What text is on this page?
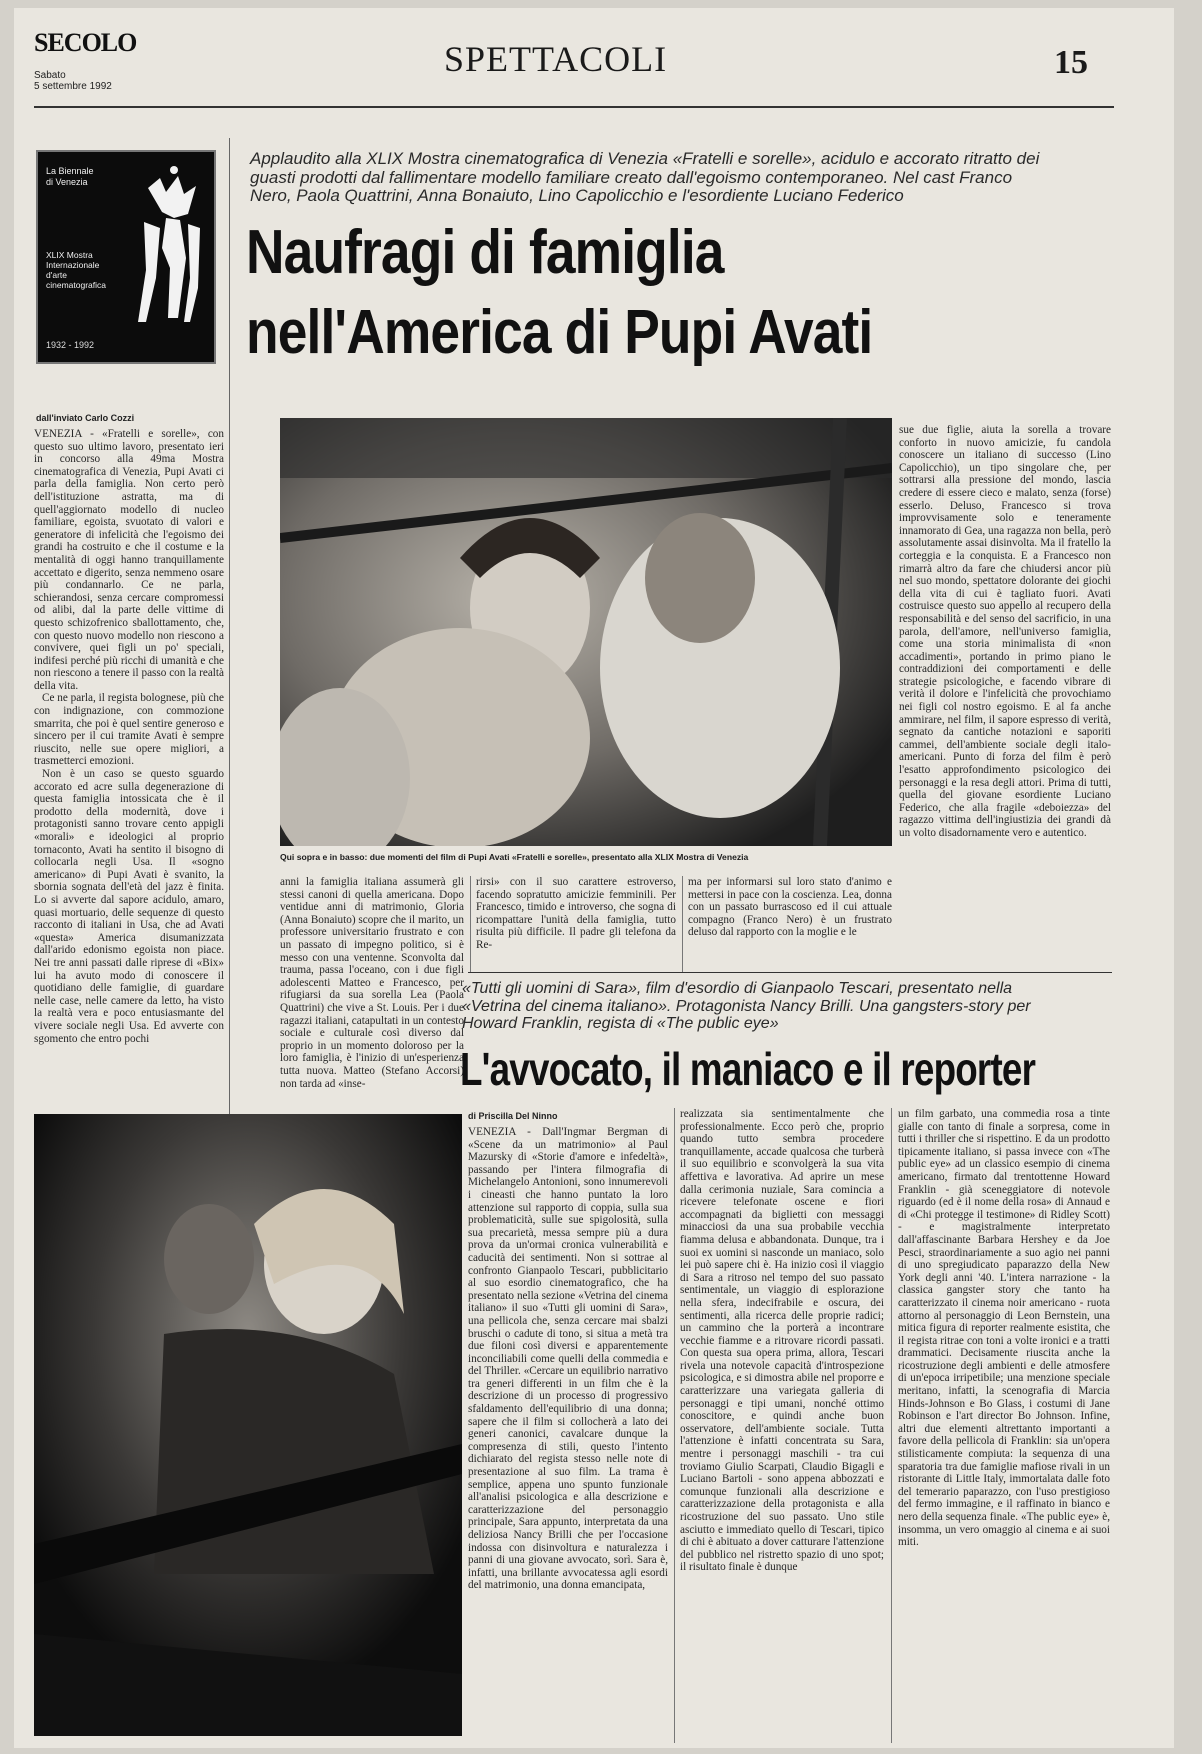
SECOLO
Sabato
5 settembre 1992
SPETTACOLI	15
La Biennale
di Venezia
XLIX Mostra
Internazionale
d'arte
cinematografica
1932 - 1992
Applaudito alla XLIX Mostra cinematografica di Venezia «Fratelli e sorelle», acidulo e accorato ritratto dei guasti prodotti dal fallimentare modello familiare creato dall'egoismo contemporaneo. Nel cast Franco Nero, Paola Quattrini, Anna Bonaiuto, Lino Capolicchio e l'esordiente Luciano Federico
Naufragi di famiglia
nell'America di Pupi Avati
dall'inviato Carlo Cozzi

VENEZIA - «Fratelli e sorelle», con questo suo ultimo lavoro, presentato ieri in concorso alla 49ma Mostra cinematografica di Venezia, Pupi Avati ci parla della famiglia. Non certo però dell'istituzione astratta, ma di quell'aggiornato modello di nucleo familiare, egoista, svuotato di valori e generatore di infelicità che l'egoismo dei grandi ha costruito e che il costume e la mentalità di oggi hanno tranquillamente accettato e digerito, senza nemmeno osare più condannarlo. Ce ne parla, schierandosi, senza cercare compromessi od alibi, dal la parte delle vittime di questo schizofrenico sballottamento, che, con questo nuovo modello non riescono a convivere, quei figli un po' speciali, indifesi perché più ricchi di umanità e che non riescono a tenere il passo con la realtà della vita.

Ce ne parla, il regista bolognese, più che con indignazione, con commozione smarrita, che poi è quel sentire generoso e sincero per il cui tramite Avati è sempre riuscito, nelle sue opere migliori, a trasmetterci emozioni.

Non è un caso se questo sguardo accorato ed acre sulla degenerazione di questa famiglia intossicata che è il prodotto della modernità, dove i protagonisti sanno trovare cento appigli «morali» e ideologici al proprio tornaconto, Avati ha sentito il bisogno di collocarla negli Usa. Il «sogno americano» di Pupi Avati è svanito, la sbornia sognata dell'età del jazz è finita. Lo si avverte dal sapore acidulo, amaro, quasi mortuario, delle sequenze di questo racconto di italiani in Usa, che ad Avati «questa» America disumanizzata dall'arido edonismo egoista non piace. Nei tre anni passati dalle riprese di «Bix» lui ha avuto modo di conoscere il quotidiano delle famiglie, di guardare nelle case, nelle camere da letto, ha visto la realtà vera e poco entusiasmante del vivere sociale negli Usa. Ed avverte con sgomento che entro pochi

Qui sopra e in basso: due momenti del film di Pupi Avati «Fratelli e sorelle», presentato alla XLIX Mostra di Venezia
sue due figlie, aiuta la sorella a trovare conforto in nuovo amicizie, fu candola conoscere un italiano di successo (Lino Capolicchio), un tipo singolare che, per sottrarsi alla pressione del mondo, lascia credere di essere cieco e malato, senza (forse) esserlo. Deluso, Francesco si trova improvvisamente solo e teneramente innamorato di Gea, una ragazza non bella, però assolutamente assai disinvolta. Ma il fratello la corteggia e la conquista. E a Francesco non rimarrà altro da fare che chiudersi ancor più nel suo mondo, spettatore dolorante dei giochi della vita di cui è tagliato fuori. Avati costruisce questo suo appello al recupero della responsabilità e del senso del sacrificio, in una parola, dell'amore, nell'universo famiglia, come una storia minimalista di «non accadimenti», portando in primo piano le contraddizioni dei comportamenti e delle strategie psicologiche, e facendo vibrare di verità il dolore e l'infelicità che provochiamo nei figli col nostro egoismo. E al fa anche ammirare, nel film, il sapore espresso di verità, segnato da cantiche notazioni e saporiti cammei, dell'ambiente sociale degli italo-americani. Punto di forza del film è però l'esatto approfondimento psicologico dei personaggi e la resa degli attori. Prima di tutti, quella del giovane esordiente Luciano Federico, che alla fragile «deboiezza» del ragazzo vittima dell'ingiustizia dei grandi dà un volto disadornamente vero e autentico.
anni la famiglia italiana assumerà gli stessi canoni di quella americana. Dopo ventidue anni di matrimonio, Gloria (Anna Bonaiuto) scopre che il marito, un professore universitario frustrato e con un passato di impegno politico, si è messo con una ventenne. Sconvolta dal trauma, passa l'oceano, con i due figli adolescenti Matteo e Francesco, per rifugiarsi da sua sorella Lea (Paola Quattrini) che vive a St. Louis. Per i due ragazzi italiani, catapultati in un contesto sociale e culturale così diverso dal proprio in un momento doloroso per la loro famiglia, è l'inizio di un'esperienza tutta nuova. Matteo (Stefano Accorsi) non tarda ad «inse-
rirsi» con il suo carattere estroverso, facendo sopratutto amicizie femminili. Per Francesco, timido e introverso, che sogna di ricompattare l'unità della famiglia, tutto risulta più difficile. Il padre gli telefona da Re-
ma per informarsi sul loro stato d'animo e mettersi in pace con la coscienza. Lea, donna con un passato burrascoso ed il cui attuale compagno (Franco Nero) è un frustrato deluso dal rapporto con la moglie e le
«Tutti gli uomini di Sara», film d'esordio di Gianpaolo Tescari, presentato nella «Vetrina del cinema italiano». Protagonista Nancy Brilli. Una gangsters-story per Howard Franklin, regista di «The public eye»
L'avvocato, il maniaco e il reporter
di Priscilla Del Ninno
VENEZIA - Dall'Ingmar Bergman di «Scene da un matrimonio» al Paul Mazursky di «Storie d'amore e infedeltà», passando per l'intera filmografia di Michelangelo Antonioni, sono innumerevoli i cineasti che hanno puntato la loro attenzione sul rapporto di coppia, sulla sua problematicità, sulle sue spigolosità, sulla sua precarietà, messa sempre più a dura prova da un'ormai cronica vulnerabilità e caducità dei sentimenti. Non si sottrae al confronto Gianpaolo Tescari, pubblicitario al suo esordio cinematografico, che ha presentato nella sezione «Vetrina del cinema italiano» il suo «Tutti gli uomini di Sara», una pellicola che, senza cercare mai sbalzi bruschi o cadute di tono, si situa a metà tra due filoni così diversi e apparentemente inconciliabili come quelli della commedia e del Thriller. «Cercare un equilibrio narrativo tra generi differenti in un film che è la descrizione di un processo di progressivo sfaldamento dell'equilibrio di una donna; sapere che il film si collocherà a lato dei generi canonici, cavalcare dunque la compresenza di stili, questo l'intento dichiarato del regista stesso nelle note di presentazione al suo film. La trama è semplice, appena uno spunto funzionale all'analisi psicologica e alla descrizione e caratterizzazione del personaggio principale, Sara appunto, interpretata da una deliziosa Nancy Brilli che per l'occasione indossa con disinvoltura e naturalezza i panni di una giovane avvocato, sorì. Sara è, infatti, una brillante avvocatessa agli esordi del matrimonio, una donna emancipata,
realizzata sia sentimentalmente che professionalmente. Ecco però che, proprio quando tutto sembra procedere tranquillamente, accade qualcosa che turberà il suo equilibrio e sconvolgerà la sua vita affettiva e lavorativa. Ad aprire un mese dalla cerimonia nuziale, Sara comincia a ricevere telefonate oscene e fiori accompagnati da biglietti con messaggi minacciosi da una sua probabile vecchia fiamma delusa e abbandonata. Dunque, tra i suoi ex uomini si nasconde un maniaco, solo lei può sapere chi è. Ha inizio così il viaggio di Sara a ritroso nel tempo del suo passato sentimentale, un viaggio di esplorazione nella sfera, indecifrabile e oscura, dei sentimenti, alla ricerca delle proprie radici; un cammino che la porterà a incontrare vecchie fiamme e a ritrovare ricordi passati. Con questa sua opera prima, allora, Tescari rivela una notevole capacità d'introspezione psicologica, e si dimostra abile nel proporre e caratterizzare una variegata galleria di personaggi e tipi umani, nonché ottimo conoscitore, e quindi anche buon osservatore, dell'ambiente sociale. Tutta l'attenzione è infatti concentrata su Sara, mentre i personaggi maschili - tra cui troviamo Giulio Scarpati, Claudio Bigagli e Luciano Bartoli - sono appena abbozzati e comunque funzionali alla descrizione e caratterizzazione della protagonista e alla ricostruzione del suo passato. Uno stile asciutto e immediato quello di Tescari, tipico di chi è abituato a dover catturare l'attenzione del pubblico nel ristretto spazio di uno spot; il risultato finale è dunque
un film garbato, una commedia rosa a tinte gialle con tanto di finale a sorpresa, come in tutti i thriller che si rispettino. E da un prodotto tipicamente italiano, si passa invece con «The public eye» ad un classico esempio di cinema americano, firmato dal trentottenne Howard Franklin - già sceneggiatore di notevole riguardo (ed è il nome della rosa» di Annaud e di «Chi protegge il testimone» di Ridley Scott) - e magistralmente interpretato dall'affascinante Barbara Hershey e da Joe Pesci, straordinariamente a suo agio nei panni di uno spregiudicato paparazzo della New York degli anni '40. L'intera narrazione - la classica gangster story che tanto ha caratterizzato il cinema noir americano - ruota attorno al personaggio di Leon Bernstein, una mitica figura di reporter realmente esistita, che il regista ritrae con toni a volte ironici e a tratti drammatici. Decisamente riuscita anche la ricostruzione degli ambienti e delle atmosfere di un'epoca irripetibile; una menzione speciale meritano, infatti, la scenografia di Marcia Hinds-Johnson e Bo Glass, i costumi di Jane Robinson e l'art director Bo Johnson. Infine, altri due elementi altrettanto importanti a favore della pellicola di Franklin: sia un'opera stilisticamente compiuta: la sequenza di una sparatoria tra due famiglie mafiose rivali in un ristorante di Little Italy, immortalata dalle foto del temerario paparazzo, con l'uso prestigioso del fermo immagine, e il raffinato in bianco e nero della sequenza finale. «The public eye» è, insomma, un vero omaggio al cinema e ai suoi miti.
